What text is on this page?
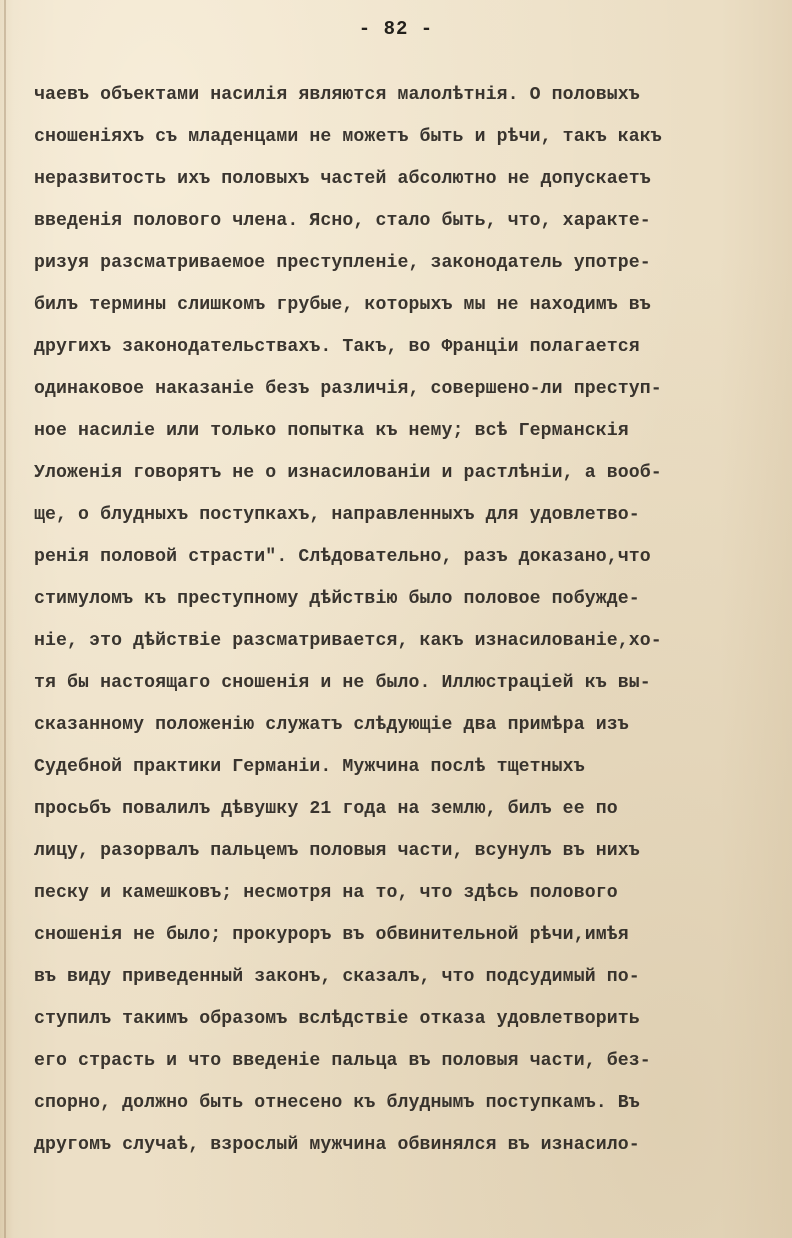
- 82 -
чаевъ объектами насилія являются малолѣтнія. О половыхъ
сношеніяхъ съ младенцами не можетъ быть и рѣчи, такъ какъ
неразвитость ихъ половыхъ частей абсолютно не допускаетъ
введенія полового члена. Ясно, стало быть, что, характе-
ризуя разсматриваемое преступленіе, законодатель употре-
билъ термины слишкомъ грубые, которыхъ мы не находимъ въ
другихъ законодательствахъ. Такъ, во Франціи полагается
одинаковое наказаніе безъ различія, совершено-ли преступ-
ное насиліе или только попытка къ нему; всѣ Германскія
Уложенія говорятъ не о изнасилованіи и растлѣніи, а вооб-
ще, о блудныхъ поступкахъ, направленныхъ для удовлетво-
ренія половой страсти". Слѣдовательно, разъ доказано,что
стимуломъ къ преступному дѣйствію было половое побужде-
ніе, это дѣйствіе разсматривается, какъ изнасилованіе,хо-
тя бы настоящаго сношенія и не было. Иллюстраціей къ вы-
сказанному положенію служатъ слѣдующіе два примѣра изъ
Судебной практики Германіи. Мужчина послѣ тщетныхъ
просьбъ повалилъ дѣвушку 21 года на землю, билъ ее по
лицу, разорвалъ пальцемъ половыя части, всунулъ въ нихъ
песку и камешковъ; несмотря на то, что здѣсь полового
сношенія не было; прокуроръ въ обвинительной рѣчи,имѣя
въ виду приведенный законъ, сказалъ, что подсудимый по-
ступилъ такимъ образомъ вслѣдствіе отказа удовлетворить
его страсть и что введеніе пальца въ половыя части, без-
спорно, должно быть отнесено къ блуднымъ поступкамъ. Въ
другомъ случаѣ, взрослый мужчина обвинялся въ изнасило-
